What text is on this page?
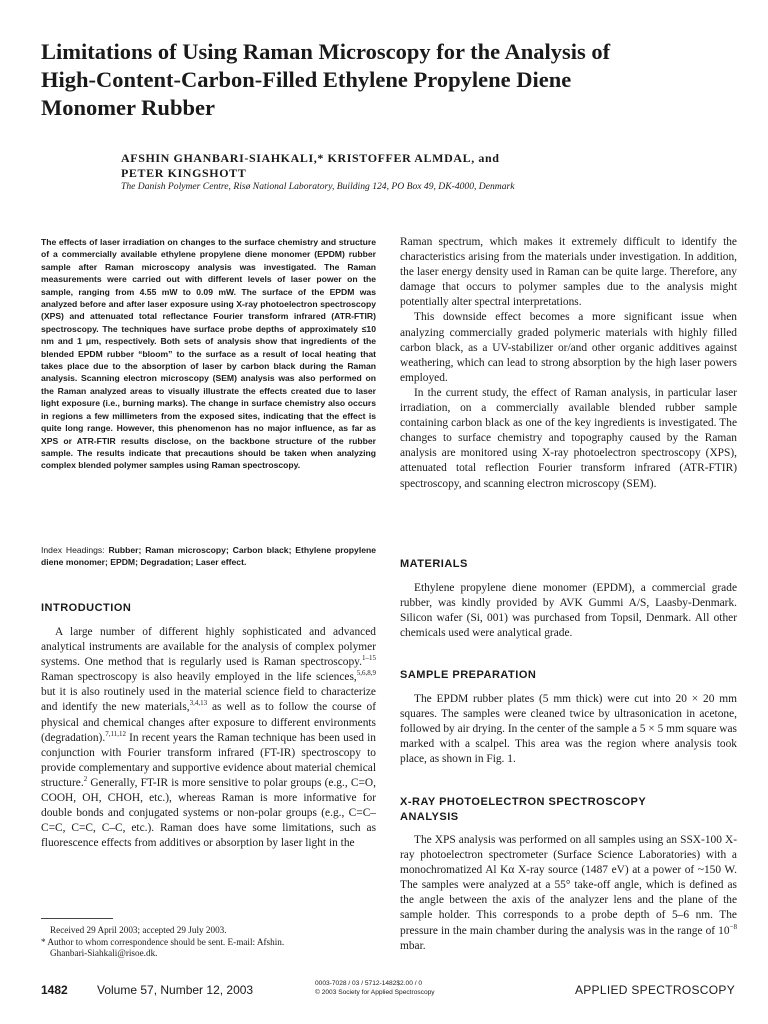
Limitations of Using Raman Microscopy for the Analysis of
High-Content-Carbon-Filled Ethylene Propylene Diene
Monomer Rubber
AFSHIN GHANBARI-SIAHKALI,* KRISTOFFER ALMDAL, and
PETER KINGSHOTT
The Danish Polymer Centre, Risø National Laboratory, Building 124, PO Box 49, DK-4000, Denmark

The effects of laser irradiation on changes to the surface chemistry and structure of a commercially available ethylene propylene diene monomer (EPDM) rubber sample after Raman microscopy analysis was investigated. The Raman measurements were carried out with different levels of laser power on the sample, ranging from 4.55 mW to 0.09 mW. The surface of the EPDM was analyzed before and after laser exposure using X-ray photoelectron spectroscopy (XPS) and attenuated total reflectance Fourier transform infrared (ATR-FTIR) spectroscopy. The techniques have surface probe depths of approximately ≤10 nm and 1 μm, respectively. Both sets of analysis show that ingredients of the blended EPDM rubber “bloom” to the surface as a result of local heating that takes place due to the absorption of laser by carbon black during the Raman analysis. Scanning electron microscopy (SEM) analysis was also performed on the Raman analyzed areas to visually illustrate the effects created due to laser light exposure (i.e., burning marks). The change in surface chemistry also occurs in regions a few millimeters from the exposed sites, indicating that the effect is quite long range. However, this phenomenon has no major influence, as far as XPS or ATR-FTIR results disclose, on the backbone structure of the rubber sample. The results indicate that precautions should be taken when analyzing complex blended polymer samples using Raman spectroscopy.

Index Headings: Rubber; Raman microscopy; Carbon black; Ethylene propylene diene monomer; EPDM; Degradation; Laser effect.
INTRODUCTION

A large number of different highly sophisticated and advanced analytical instruments are available for the analysis of complex polymer systems. One method that is regularly used is Raman spectroscopy.$^{1-15}$ Raman spectroscopy is also heavily employed in the life sciences,$^{5,6,8,9}$ but it is also routinely used in the material science field to characterize and identify the new materials,$^{3,4,13}$ as well as to follow the course of physical and chemical changes after exposure to different environments (degradation).$^{7,11,12}$ In recent years the Raman technique has been used in conjunction with Fourier transform infrared (FT-IR) spectroscopy to provide complementary and supportive evidence about material chemical structure.$^2$ Generally, FT-IR is more sensitive to polar groups (e.g., C=O, COOH, OH, CHOH, etc.), whereas Raman is more informative for double bonds and conjugated systems or non-polar groups (e.g., C=C–C=C, C=C, C–C, etc.). Raman does have some limitations, such as fluorescence effects from additives or absorption by laser light in the

Received 29 April 2003; accepted 29 July 2003.
* Author to whom correspondence should be sent. E-mail: Afshin.
Ghanbari-Siahkali@risoe.dk.

Raman spectrum, which makes it extremely difficult to identify the characteristics arising from the materials under investigation. In addition, the laser energy density used in Raman can be quite large. Therefore, any damage that occurs to polymer samples due to the analysis might potentially alter spectral interpretations.

This downside effect becomes a more significant issue when analyzing commercially graded polymeric materials with highly filled carbon black, as a UV-stabilizer or/and other organic additives against weathering, which can lead to strong absorption by the high laser powers employed.

In the current study, the effect of Raman analysis, in particular laser irradiation, on a commercially available blended rubber sample containing carbon black as one of the key ingredients is investigated. The changes to surface chemistry and topography caused by the Raman analysis are monitored using X-ray photoelectron spectroscopy (XPS), attenuated total reflection Fourier transform infrared (ATR-FTIR) spectroscopy, and scanning electron microscopy (SEM).

MATERIALS

Ethylene propylene diene monomer (EPDM), a commercial grade rubber, was kindly provided by AVK Gummi A/S, Laasby-Denmark. Silicon wafer (Si, 001) was purchased from Topsil, Denmark. All other chemicals used were analytical grade.

SAMPLE PREPARATION

The EPDM rubber plates (5 mm thick) were cut into 20 × 20 mm squares. The samples were cleaned twice by ultrasonication in acetone, followed by air drying. In the center of the sample a 5 × 5 mm square was marked with a scalpel. This area was the region where analysis took place, as shown in Fig. 1.

X-RAY PHOTOELECTRON SPECTROSCOPY
ANALYSIS

The XPS analysis was performed on all samples using an SSX-100 X-ray photoelectron spectrometer (Surface Science Laboratories) with a monochromatized Al Kα X-ray source (1487 eV) at a power of ~150 W. The samples were analyzed at a 55° take-off angle, which is defined as the angle between the axis of the analyzer lens and the plane of the sample holder. This corresponds to a probe depth of 5–6 nm. The pressure in the main chamber during the analysis was in the range of $10^{-8}$ mbar.

1482 Volume 57, Number 12, 2003	0003-7028 / 03 / 5712-1482$2.00 / 0
© 2003 Society for Applied Spectroscopy	APPLIED SPECTROSCOPY
